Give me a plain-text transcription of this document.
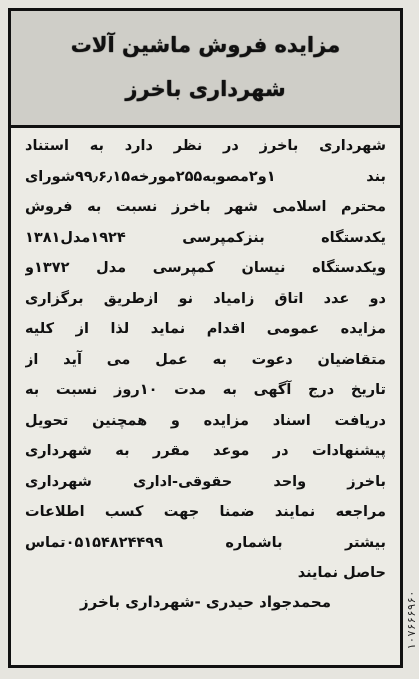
مزایده فروش ماشین آلات
شهرداری باخرز
شهرداری باخرز در نظر دارد به استناد
بند ۱و۲مصوبه۲۵۵مورخه۹۹٫۶٫۱۵شورای
محترم اسلامی شهر باخرز نسبت به فروش
یکدستگاه بنزکمپرسی ۱۹۲۴مدل۱۳۸۱
ویکدستگاه نیسان کمپرسی مدل ۱۳۷۲و
دو عدد اتاق زامیاد نو ازطریق برگزاری
مزایده عمومی اقدام نماید لذا از کلیه
متقاضیان دعوت به عمل می آید از
تاریخ درج آگهی به مدت ۱۰روز نسبت به
دریافت اسناد مزایده و همچنین تحویل
پیشنهادات در موعد مقرر به شهرداری
باخرز واحد حقوقی-اداری شهرداری
مراجعه نمایند ضمنا جهت کسب اطلاعات
بیشتر باشماره ۰۵۱۵۴۸۲۴۴۹۹تماس
حاصل نمایند
محمدجواد حیدری -شهرداری باخرز	۱۰۷۶۶۶۹۶۰
